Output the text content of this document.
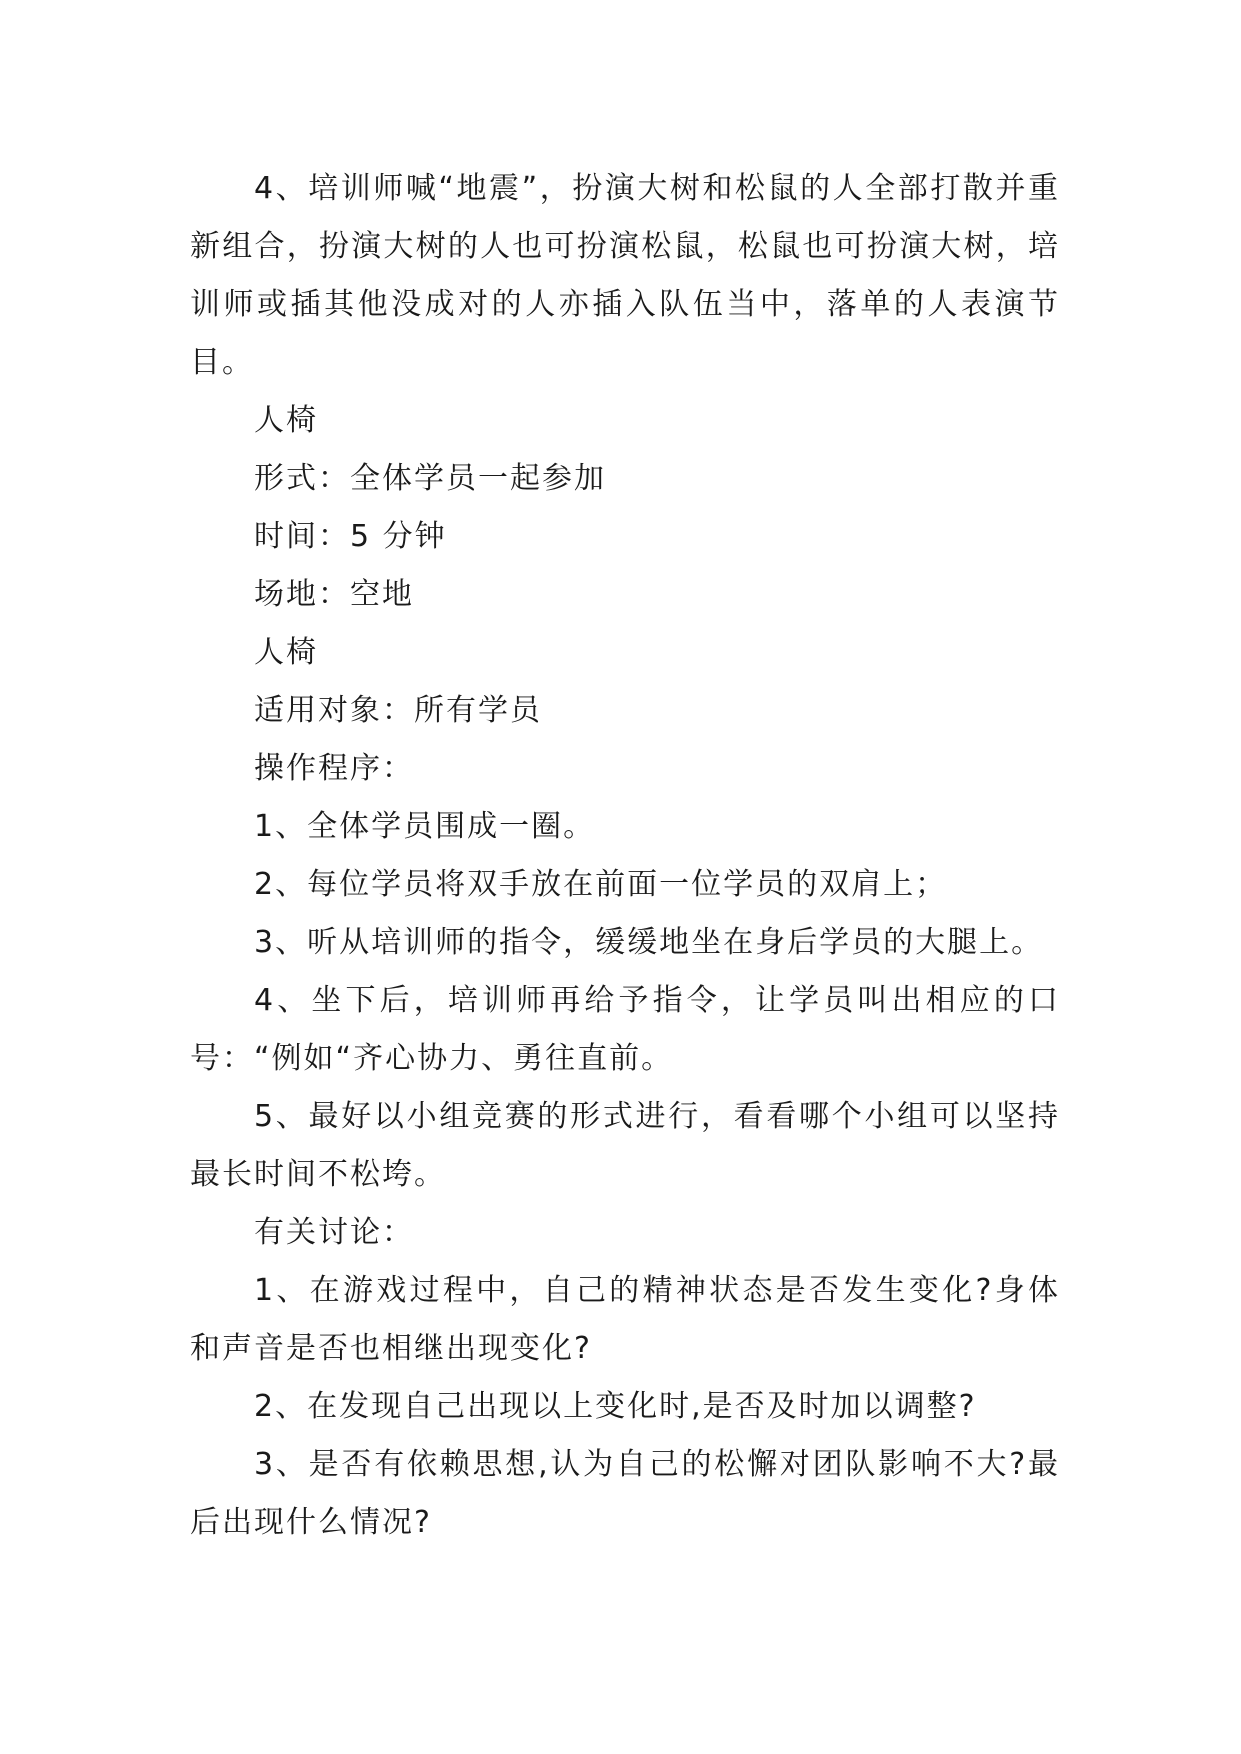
4、培训师喊“地震”，扮演大树和松鼠的人全部打散并重新组合，扮演大树的人也可扮演松鼠，松鼠也可扮演大树，培训师或插其他没成对的人亦插入队伍当中，落单的人表演节目。

人椅

形式：全体学员一起参加

时间：5 分钟

场地：空地

人椅

适用对象：所有学员

操作程序：

1、全体学员围成一圈。

2、每位学员将双手放在前面一位学员的双肩上；

3、听从培训师的指令，缓缓地坐在身后学员的大腿上。

4、坐下后，培训师再给予指令，让学员叫出相应的口号：“例如“齐心协力、勇往直前。

5、最好以小组竞赛的形式进行，看看哪个小组可以坚持最长时间不松垮。

有关讨论：

1、在游戏过程中，自己的精神状态是否发生变化?身体和声音是否也相继出现变化?

2、在发现自己出现以上变化时,是否及时加以调整?

3、是否有依赖思想,认为自己的松懈对团队影响不大?最后出现什么情况?
